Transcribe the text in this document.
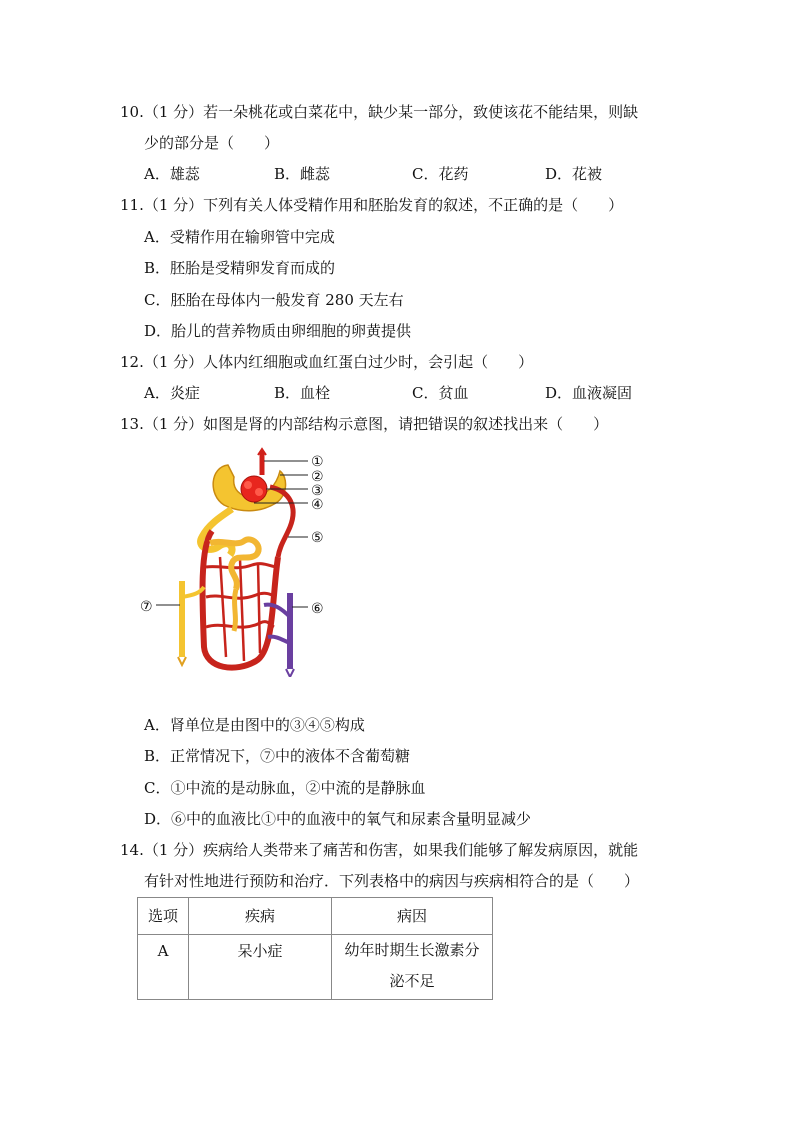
10.（1 分）若一朵桃花或白菜花中，缺少某一部分，致使该花不能结果，则缺
少的部分是（　　）
A．雄蕊	B．雌蕊	C．花药	D．花被
11.（1 分）下列有关人体受精作用和胚胎发育的叙述，不正确的是（　　）
A．受精作用在输卵管中完成
B．胚胎是受精卵发育而成的
C．胚胎在母体内一般发育 280 天左右
D．胎儿的营养物质由卵细胞的卵黄提供
12.（1 分）人体内红细胞或血红蛋白过少时，会引起（　　）
A．炎症	B．血栓	C．贫血	D．血液凝固
13.（1 分）如图是肾的内部结构示意图，请把错误的叙述找出来（　　）
①
②
③
④
⑤
⑥
⑦
A．肾单位是由图中的③④⑤构成
B．正常情况下，⑦中的液体不含葡萄糖
C．①中流的是动脉血，②中流的是静脉血
D．⑥中的血液比①中的血液中的氧气和尿素含量明显减少
14.（1 分）疾病给人类带来了痛苦和伤害，如果我们能够了解发病原因，就能
有针对性地进行预防和治疗．下列表格中的病因与疾病相符合的是（　　）
选项	疾病	病因
A	呆小症	幼年时期生长激素分
泌不足
